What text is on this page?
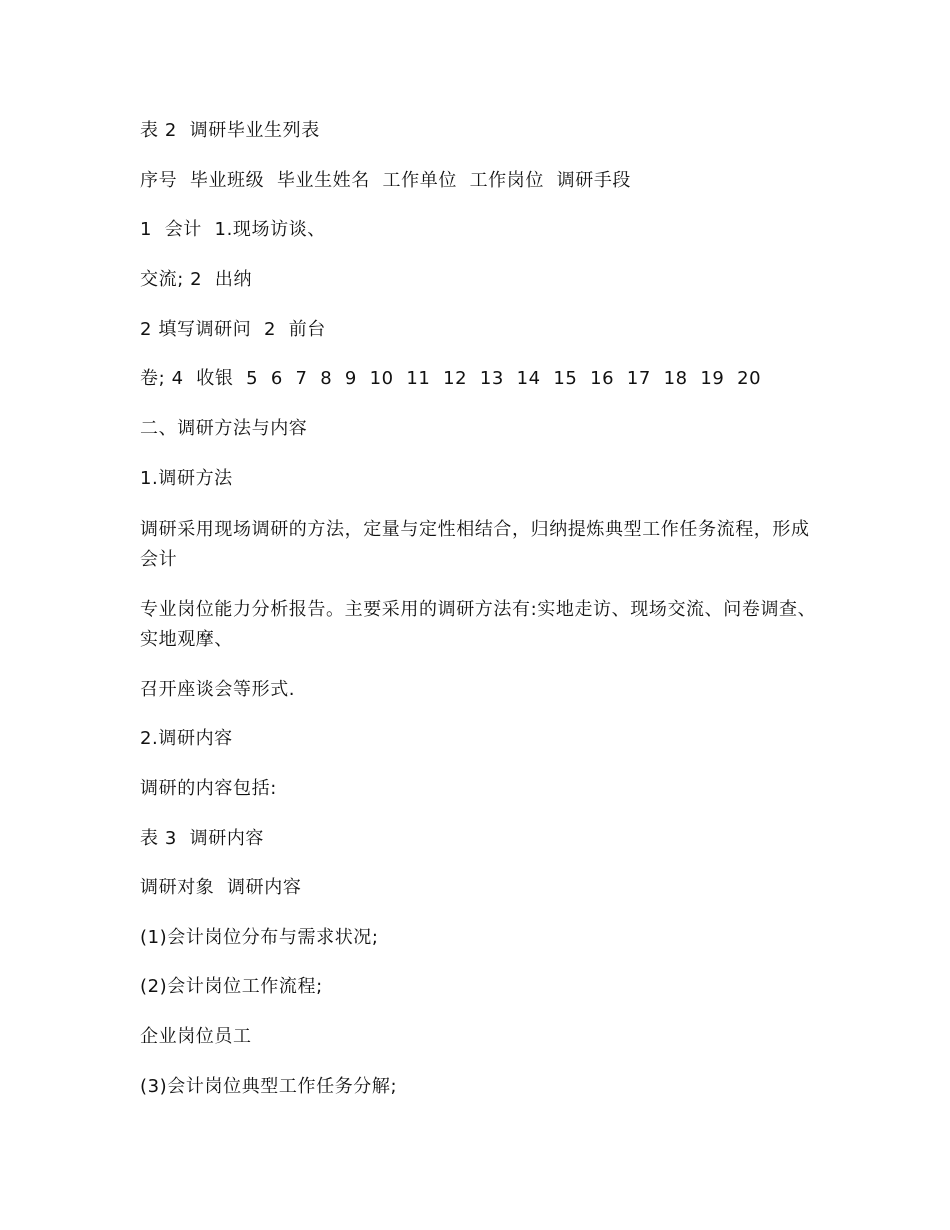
表 2  调研毕业生列表

序号  毕业班级  毕业生姓名  工作单位  工作岗位  调研手段

1  会计  1.现场访谈、

交流; 2  出纳

2 填写调研问  2  前台

卷; 4  收银  5  6  7  8  9  10  11  12  13  14  15  16  17  18  19  20

二、调研方法与内容

1.调研方法

调研采用现场调研的方法，定量与定性相结合，归纳提炼典型工作任务流程，形成会计

专业岗位能力分析报告。主要采用的调研方法有:实地走访、现场交流、问卷调查、实地观摩、

召开座谈会等形式.

2.调研内容

调研的内容包括:

表 3  调研内容

调研对象  调研内容

(1)会计岗位分布与需求状况;

(2)会计岗位工作流程;

企业岗位员工

(3)会计岗位典型工作任务分解;
